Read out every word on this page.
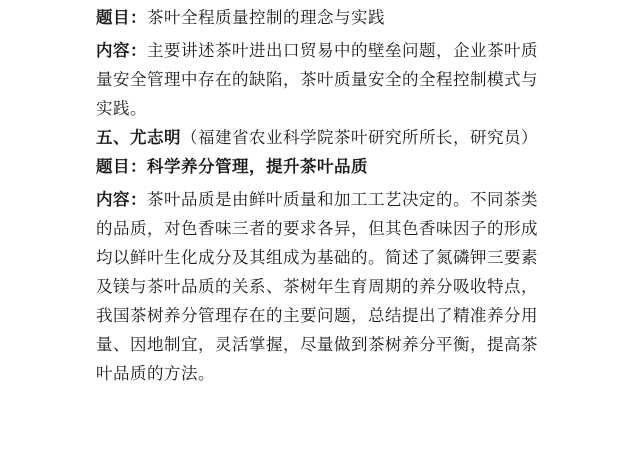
题目：茶叶全程质量控制的理念与实践
内容：主要讲述茶叶进出口贸易中的壁垒问题，企业茶叶质
量安全管理中存在的缺陷，茶叶质量安全的全程控制模式与
实践。
五、尤志明（福建省农业科学院茶叶研究所所长，研究员）
题目：科学养分管理，提升茶叶品质
内容：茶叶品质是由鲜叶质量和加工工艺决定的。不同茶类
的品质，对色香味三者的要求各异，但其色香味因子的形成
均以鲜叶生化成分及其组成为基础的。简述了氮磷钾三要素
及镁与茶叶品质的关系、茶树年生育周期的养分吸收特点，
我国茶树养分管理存在的主要问题，总结提出了精准养分用
量、因地制宜，灵活掌握，尽量做到茶树养分平衡，提高茶
叶品质的方法。
